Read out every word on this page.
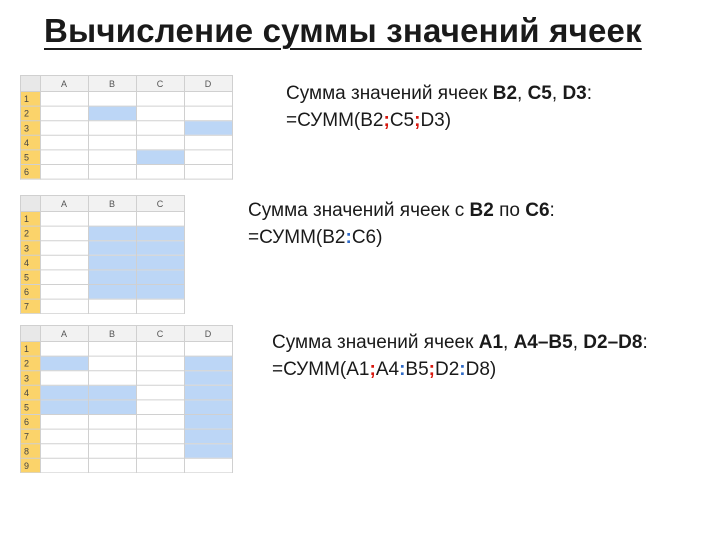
Вычисление суммы значений ячеек
A	B	C	D
1
2
3
4
5
6
Сумма значений ячеек B2, C5, D3:
=СУММ(B2;C5;D3)
A	B	C
1
2
3
4
5
6
7
Сумма значений ячеек с B2 по C6:
=СУММ(B2:C6)
A	B	C	D
1
2
3
4
5
6
7
8
9
Сумма значений ячеек A1, A4–B5, D2–D8:
=СУММ(A1;A4:B5;D2:D8)
